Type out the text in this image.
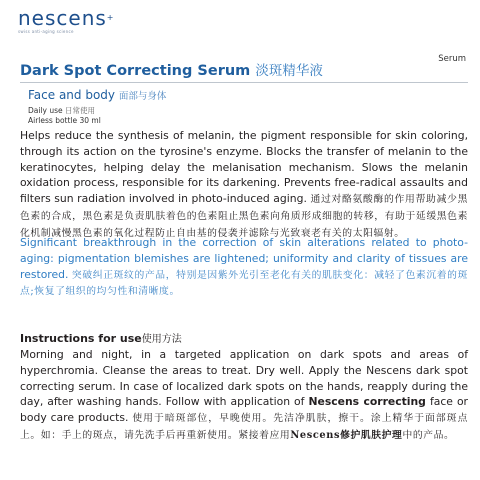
nescens+
swiss anti-aging science
Serum
Dark Spot Correcting Serum 淡斑精华液
Face and body 面部与身体
Daily use 日常使用
Airless bottle 30 ml

Helps reduce the synthesis of melanin, the pigment responsible for skin coloring, through its action on the tyrosine's enzyme. Blocks the transfer of melanin to the keratinocytes, helping delay the melanisation mechanism. Slows the melanin oxidation process, responsible for its darkening. Prevents free-radical assaults and filters sun radiation involved in photo-induced aging. 通过对酪氨酸酶的作用帮助减少黑色素的合成，黑色素是负责肌肤着色的色素阻止黑色素向角质形成细胞的转移，有助于延缓黑色素化机制减慢黑色素的氧化过程防止自由基的侵袭并滤除与光致衰老有关的太阳辐射。

Significant breakthrough in the correction of skin alterations related to photo-aging: pigmentation blemishes are lightened; uniformity and clarity of tissues are restored. 突破纠正斑纹的产品，特别是因紫外光引至老化有关的肌肤变化：减轻了色素沉着的斑点;恢复了组织的均匀性和清晰度。

Instructions for use使用方法

Morning and night, in a targeted application on dark spots and areas of hyperchromia. Cleanse the areas to treat. Dry well. Apply the Nescens dark spot correcting serum. In case of localized dark spots on the hands, reapply during the day, after washing hands. Follow with application of Nescens correcting face or body care products. 使用于暗斑部位，早晚使用。先洁净肌肤，擦干。涂上精华于面部斑点上。如：手上的斑点，请先洗手后再重新使用。紧接着应用Nescens修护肌肤护理中的产品。
